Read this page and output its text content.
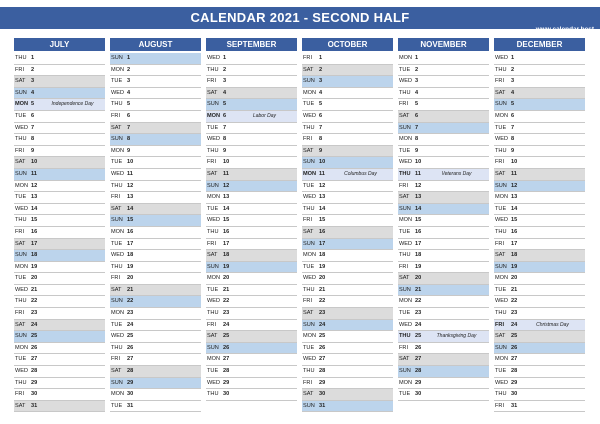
CALENDAR 2021 - SECOND HALF
www.calendar.best
JULY
THU 1
FRI	2
SAT 3
SUN 4
MON 5	Independence Day
TUE 6
WED 7
THU 8
FRI	9
SAT 10
SUN 11
MON 12
TUE 13
WED 14
THU 15
FRI	16
SAT 17
SUN 18
MON 19
TUE 20
WED 21
THU 22
FRI	23
SAT 24
SUN 25
MON 26
TUE 27
WED 28
THU 29
FRI	30
SAT 31
AUGUST
SUN 1
MON 2
TUE 3
WED 4
THU 5
FRI	6
SAT 7
SUN 8
MON 9
TUE 10
WED 11
THU 12
FRI	13
SAT 14
SUN 15
MON 16
TUE 17
WED 18
THU 19
FRI	20
SAT 21
SUN 22
MON 23
TUE 24
WED 25
THU 26
FRI	27
SAT 28
SUN 29
MON 30
TUE 31
SEPTEMBER
WED 1
THU 2
FRI	3
SAT 4
SUN 5
MON 6	Labor Day
TUE 7
WED 8
THU 9
FRI	10
SAT 11
SUN 12
MON 13
TUE 14
WED 15
THU 16
FRI	17
SAT 18
SUN 19
MON 20
TUE 21
WED 22
THU 23
FRI	24
SAT 25
SUN 26
MON 27
TUE 28
WED 29
THU 30
OCTOBER
FRI	1
SAT 2
SUN 3
MON 4
TUE 5
WED 6
THU 7
FRI	8
SAT 9
SUN 10
MON 11	Columbus Day
TUE 12
WED 13
THU 14
FRI	15
SAT 16
SUN 17
MON 18
TUE 19
WED 20
THU 21
FRI	22
SAT 23
SUN 24
MON 25
TUE 26
WED 27
THU 28
FRI	29
SAT 30
SUN 31
NOVEMBER
MON 1
TUE 2
WED 3
THU 4
FRI	5
SAT 6
SUN 7
MON 8
TUE 9
WED 10
THU 11	Veterans Day
FRI	12
SAT 13
SUN 14
MON 15
TUE 16
WED 17
THU 18
FRI	19
SAT 20
SUN 21
MON 22
TUE 23
WED 24
THU 25	Thanksgiving Day
FRI	26
SAT 27
SUN 28
MON 29
TUE 30
DECEMBER
WED 1
THU 2
FRI	3
SAT 4
SUN 5
MON 6
TUE 7
WED 8
THU 9
FRI	10
SAT 11
SUN 12
MON 13
TUE 14
WED 15
THU 16
FRI	17
SAT 18
SUN 19
MON 20
TUE 21
WED 22
THU 23
FRI	24	Christmas Day
SAT 25
SUN 26
MON 27
TUE 28
WED 29
THU 30
FRI	31
